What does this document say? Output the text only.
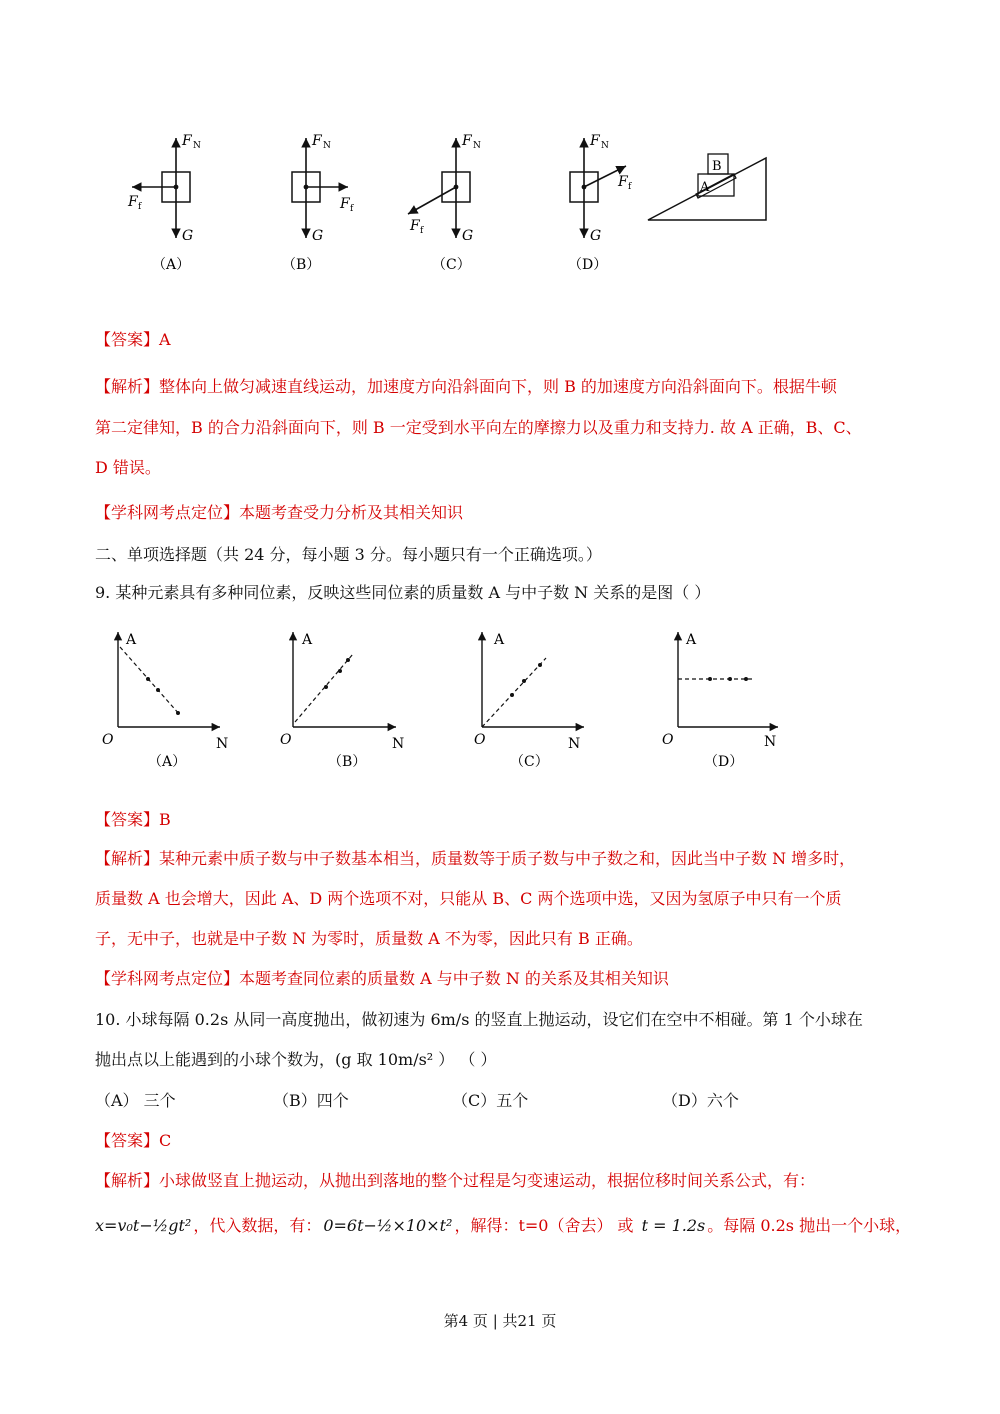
F N
F f
G
（A）
F N
F f
G
（B）
F N
F f	G
（C）
F N
F f
G
（D）
A
B
【答案】A
【解析】整体向上做匀减速直线运动，加速度方向沿斜面向下，则 B 的加速度方向沿斜面向下。根据牛顿
第二定律知，B 的合力沿斜面向下，则 B 一定受到水平向左的摩擦力以及重力和支持力. 故 A 正确，B、C、
D 错误。
【学科网考点定位】本题考查受力分析及其相关知识
二、单项选择题（共 24 分，每小题 3 分。每小题只有一个正确选项。）
9. 某种元素具有多种同位素，反映这些同位素的质量数 A 与中子数 N 关系的是图（ ）
A
N
O
（A）
A
N
O
（B）
A
N
O
（C）
A
N
O
（D）
【答案】B
【解析】某种元素中质子数与中子数基本相当，质量数等于质子数与中子数之和，因此当中子数 N 增多时，
质量数 A 也会增大，因此 A、D 两个选项不对，只能从 B、C 两个选项中选，又因为氢原子中只有一个质
子，无中子，也就是中子数 N 为零时，质量数 A 不为零，因此只有 B 正确。
【学科网考点定位】本题考查同位素的质量数 A 与中子数 N 的关系及其相关知识
10. 小球每隔 0.2s 从同一高度抛出，做初速为 6m/s 的竖直上抛运动，设它们在空中不相碰。第 1 个小球在
抛出点以上能遇到的小球个数为，(g 取 10m/s² ） （ ）
（A） 三个	（B）四个	（C）五个	（D）六个
【答案】C
【解析】小球做竖直上抛运动，从抛出到落地的整个过程是匀变速运动，根据位移时间关系公式，有：
x=v₀t−½gt² ，代入数据，有： 0=6t−½×10×t² ，解得：t=0（舍去） 或 t = 1.2s 。每隔 0.2s 抛出一个小球，
第4 页 | 共21 页
